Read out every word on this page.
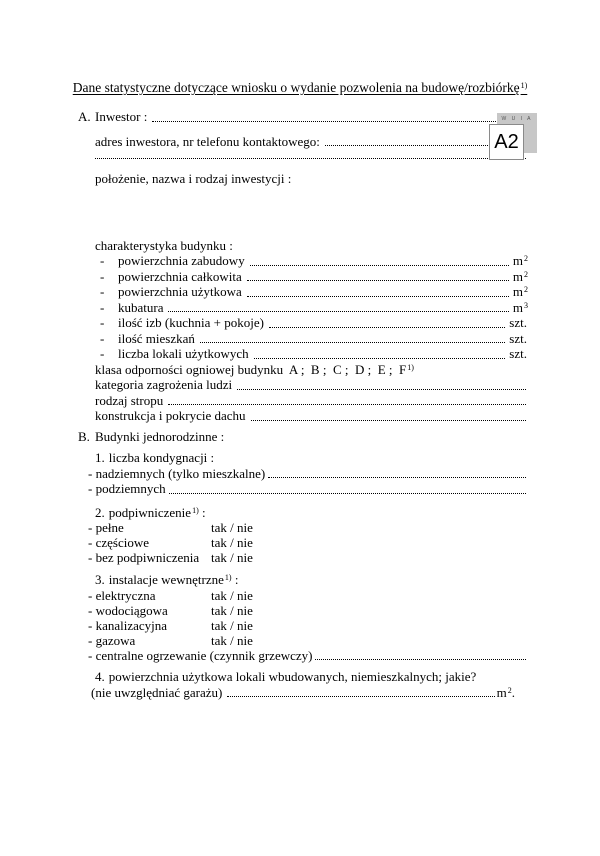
W U I A
A2
Dane statystyczne dotyczące wniosku o wydanie pozwolenia na budowę/rozbiórkę$^{1)}$
A. Inwestor :
adres inwestora, nr telefonu kontaktowego:
położenie, nazwa i rodzaj inwestycji :
charakterystyka budynku :
-	powierzchnia zabudowy	$m^2$
-	powierzchnia całkowita	$m^2$
-	powierzchnia użytkowa	$m^2$
-	kubatura	$m^3$
-	ilość izb (kuchnia + pokoje)	szt.
-	ilość mieszkań	szt.
-	liczba lokali użytkowych	szt.
klasa odporności ogniowej budynku  A ;  B ;  C ;  D ;  E ;  $F^{1)}$
kategoria zagrożenia ludzi
rodzaj stropu
konstrukcja i pokrycie dachu
B. Budynki jednorodzinne :
1. liczba kondygnacji :
- nadziemnych (tylko mieszkalne)
- podziemnych
2. podpiwniczenie$^{1)}$ :
- pełne	tak / nie
- częściowe	tak / nie
- bez podpiwniczenia tak / nie
3. instalacje wewnętrzne$^{1)}$ :
- elektryczna	tak / nie
- wodociągowa	tak / nie
- kanalizacyjna	tak / nie
- gazowa	tak / nie
- centralne ogrzewanie (czynnik grzewczy)
4. powierzchnia użytkowa lokali wbudowanych, niemieszkalnych; jakie?
(nie uwzględniać garażu)	$m^2$.
